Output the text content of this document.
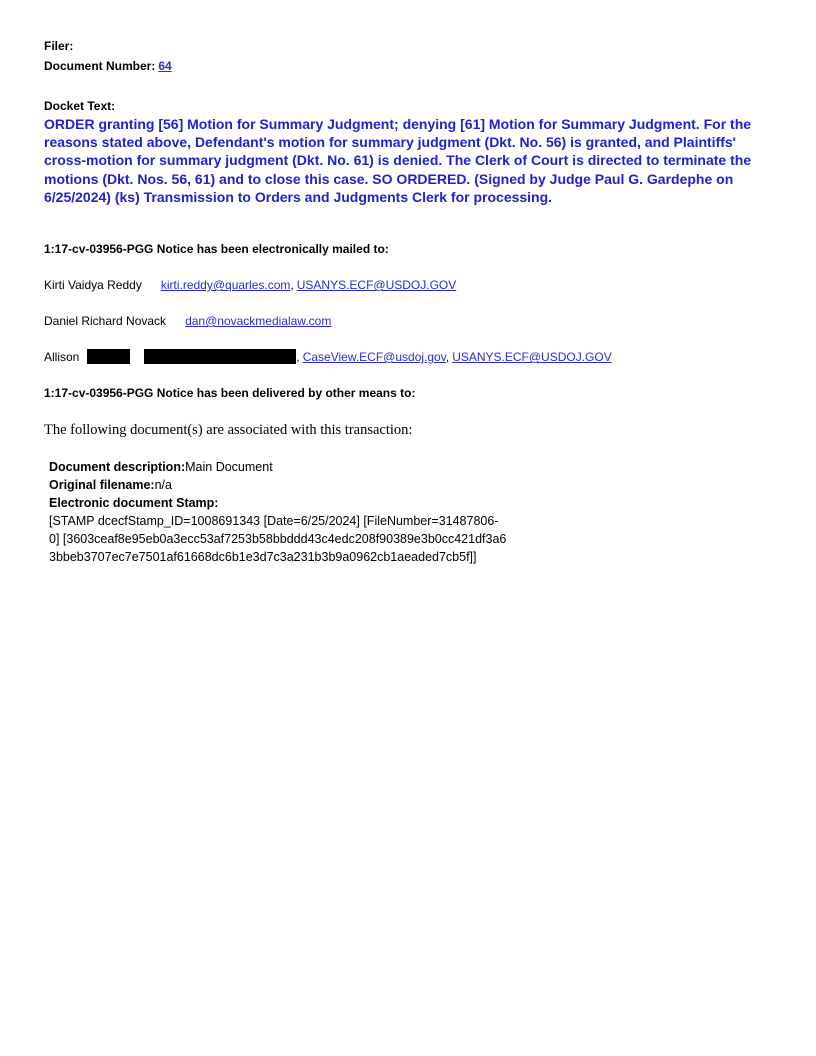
Filer:
Document Number: 64
Docket Text:
ORDER granting [56] Motion for Summary Judgment; denying [61] Motion for Summary Judgment. For the reasons stated above, Defendant's motion for summary judgment (Dkt. No. 56) is granted, and Plaintiffs' cross-motion for summary judgment (Dkt. No. 61) is denied. The Clerk of Court is directed to terminate the motions (Dkt. Nos. 56, 61) and to close this case. SO ORDERED. (Signed by Judge Paul G. Gardephe on 6/25/2024) (ks) Transmission to Orders and Judgments Clerk for processing.
1:17-cv-03956-PGG Notice has been electronically mailed to:
Kirti Vaidya Reddy kirti.reddy@quarles.com, USANYS.ECF@USDOJ.GOV
Daniel Richard Novack dan@novackmedialaw.com
Allison	, CaseView.ECF@usdoj.gov, USANYS.ECF@USDOJ.GOV
1:17-cv-03956-PGG Notice has been delivered by other means to:
The following document(s) are associated with this transaction:
Document description:Main Document
Original filename:n/a
Electronic document Stamp:
[STAMP dcecfStamp_ID=1008691343 [Date=6/25/2024] [FileNumber=31487806-
0] [3603ceaf8e95eb0a3ecc53af7253b58bbddd43c4edc208f90389e3b0cc421df3a6
3bbeb3707ec7e7501af61668dc6b1e3d7c3a231b3b9a0962cb1aeaded7cb5f]]
